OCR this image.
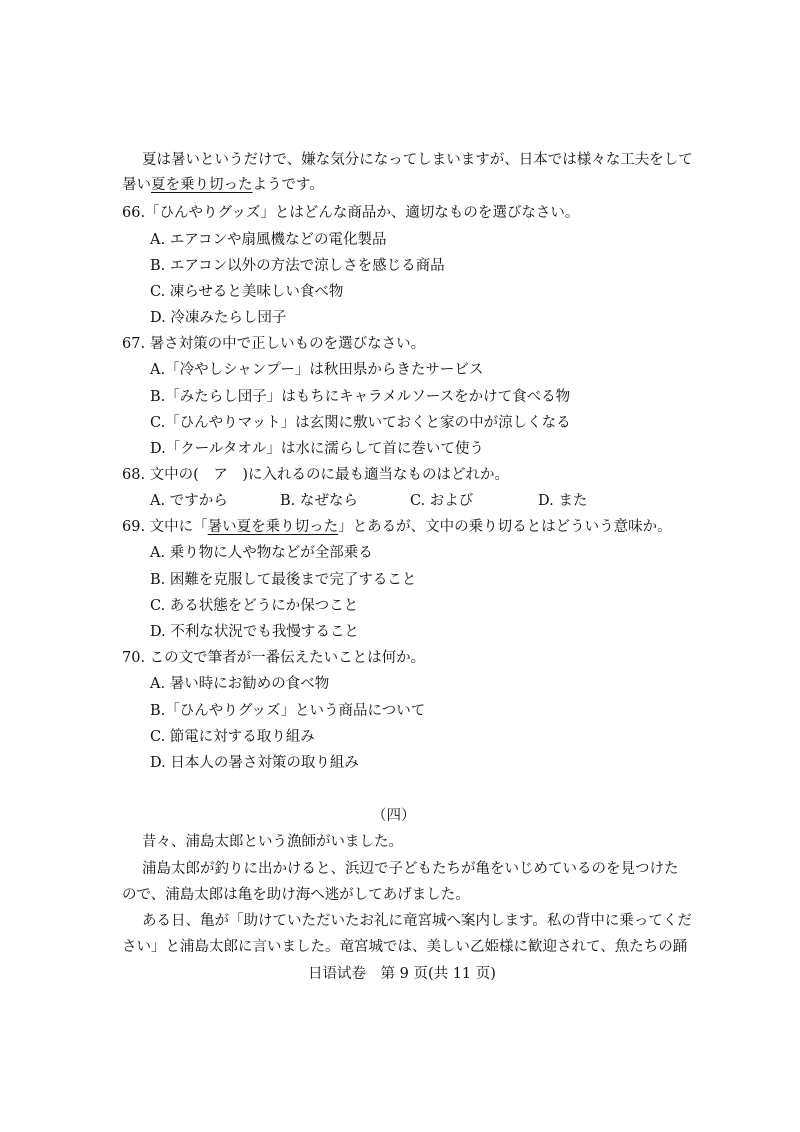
夏は暑いというだけで、嫌な気分になってしまいますが、日本では様々な工夫をして
暑い夏を乗り切ったようです。
66.「ひんやりグッズ」とはどんな商品か、適切なものを選びなさい。
A. エアコンや扇風機などの電化製品
B. エアコン以外の方法で涼しさを感じる商品
C. 凍らせると美味しい食べ物
D. 冷凍みたらし団子
67. 暑さ対策の中で正しいものを選びなさい。
A.「冷やしシャンプー」は秋田県からきたサービス
B.「みたらし団子」はもちにキャラメルソースをかけて食べる物
C.「ひんやりマット」は玄関に敷いておくと家の中が涼しくなる
D.「クールタオル」は水に濡らして首に巻いて使う
68. 文中の(　ア　)に入れるのに最も適当なものはどれか。
A. ですから	B. なぜなら	C. および	D. また
69. 文中に「暑い夏を乗り切った」とあるが、文中の乗り切るとはどういう意味か。
A. 乗り物に人や物などが全部乗る
B. 困難を克服して最後まで完了すること
C. ある状態をどうにか保つこと
D. 不利な状況でも我慢すること
70. この文で筆者が一番伝えたいことは何か。
A. 暑い時にお勧めの食べ物
B.「ひんやりグッズ」という商品について
C. 節電に対する取り組み
D. 日本人の暑さ対策の取り組み
（四）
昔々、浦島太郎という漁師がいました。
浦島太郎が釣りに出かけると、浜辺で子どもたちが亀をいじめているのを見つけた
ので、浦島太郎は亀を助け海へ逃がしてあげました。
ある日、亀が「助けていただいたお礼に竜宮城へ案内します。私の背中に乗ってくだ
さい」と浦島太郎に言いました。竜宮城では、美しい乙姫様に歓迎されて、魚たちの踊
日语试卷　第 9 页(共 11 页)
